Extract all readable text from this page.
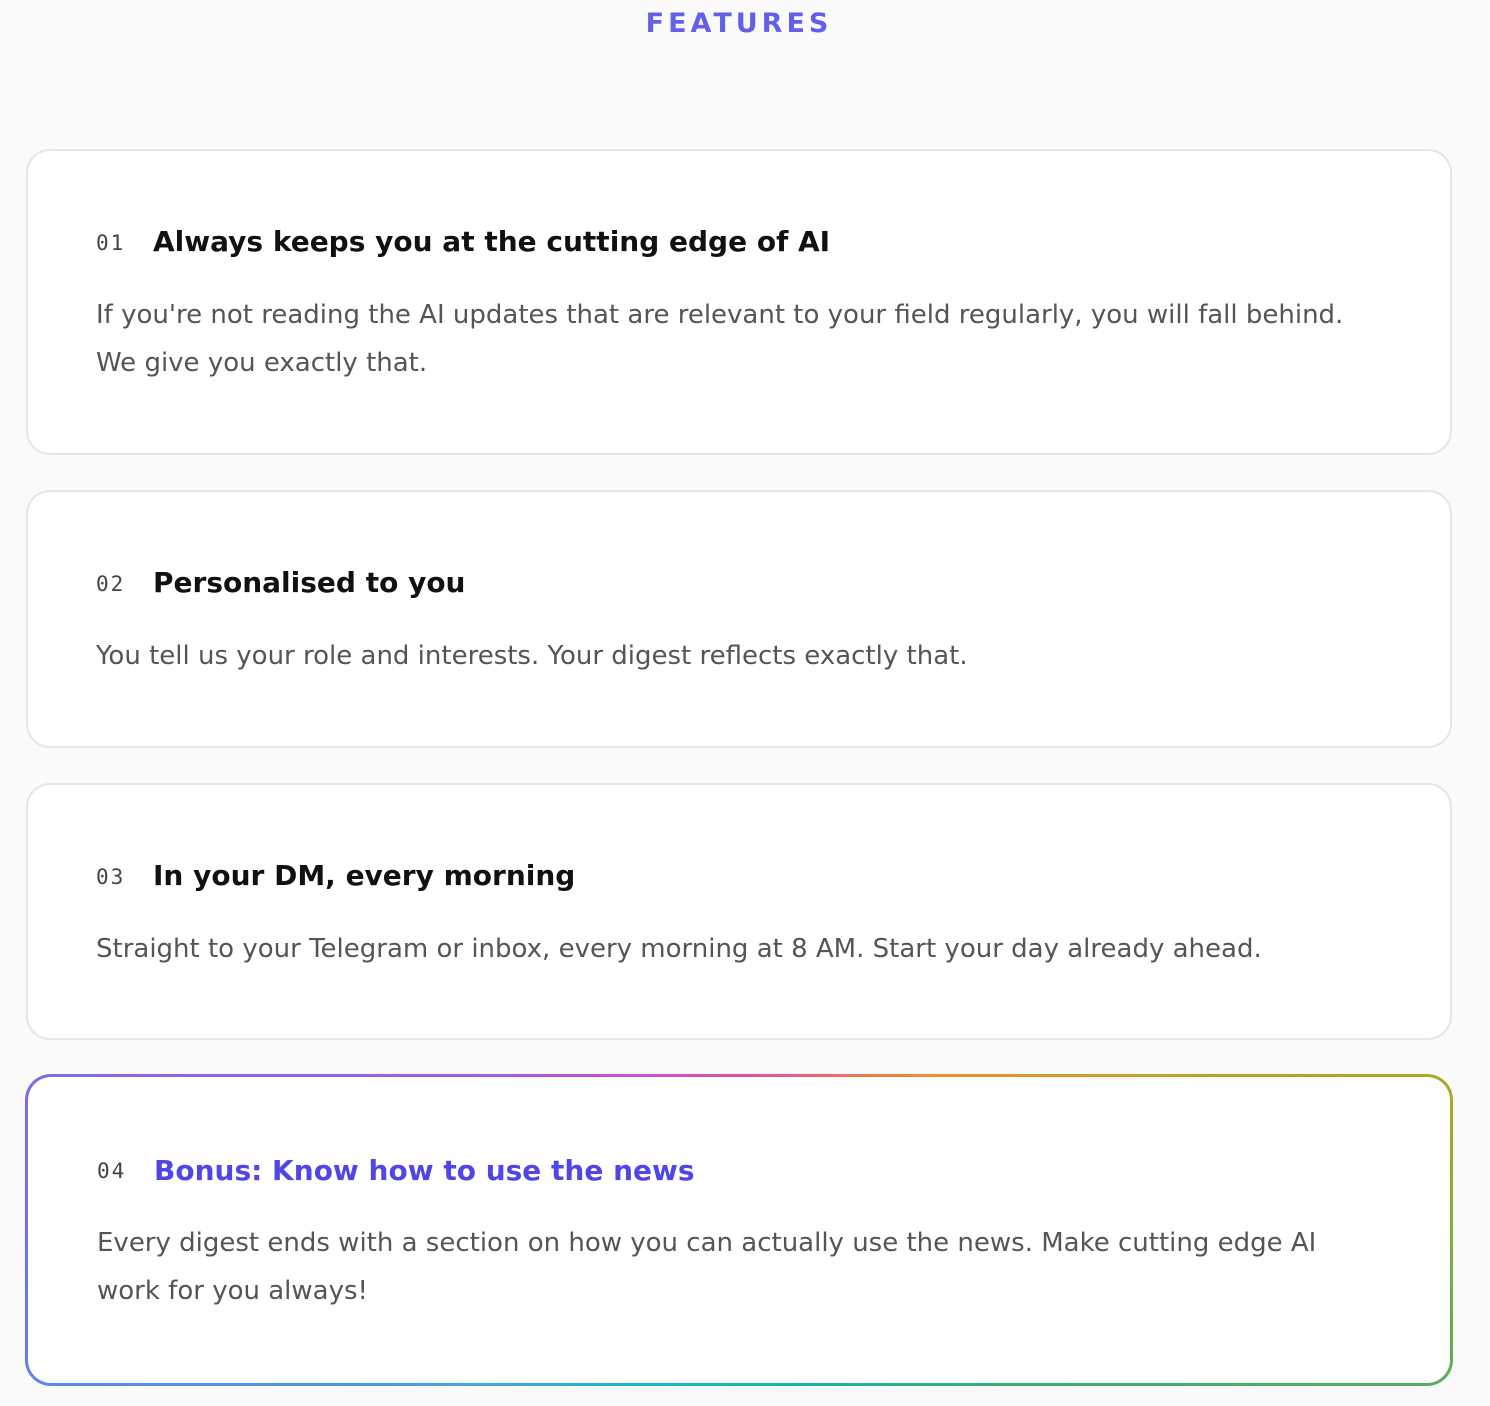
FEATURES
01 Always keeps you at the cutting edge of AI
If you're not reading the AI updates that are relevant to your field regularly, you will fall behind.
We give you exactly that.
02 Personalised to you
You tell us your role and interests. Your digest reflects exactly that.
03 In your DM, every morning
Straight to your Telegram or inbox, every morning at 8 AM. Start your day already ahead.
04 Bonus: Know how to use the news
Every digest ends with a section on how you can actually use the news. Make cutting edge AI
work for you always!
